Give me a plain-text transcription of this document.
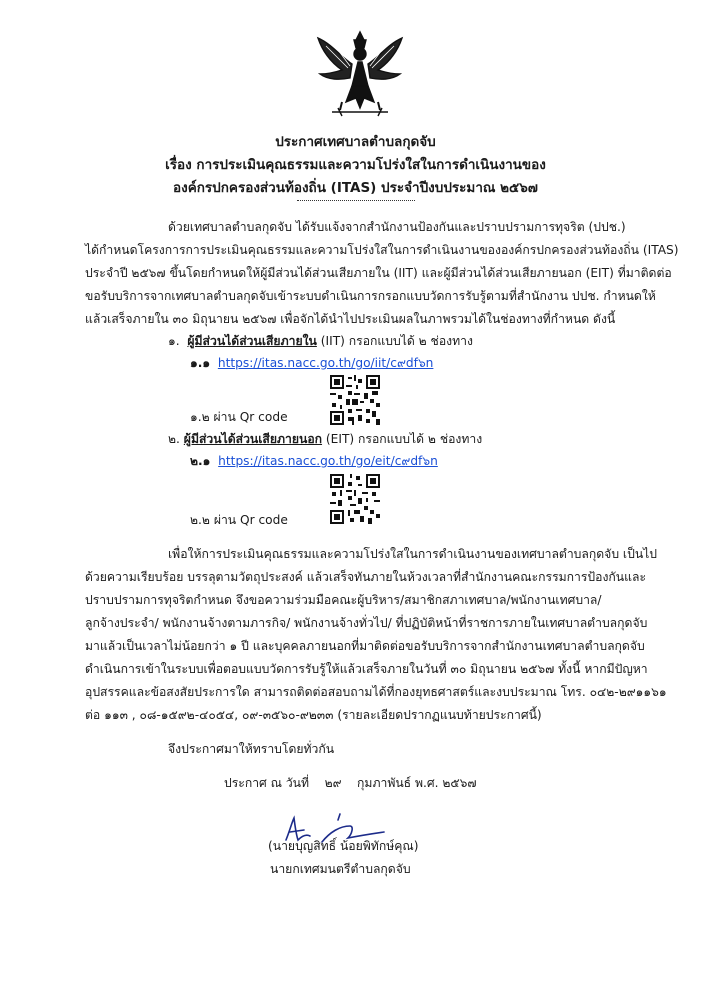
ประกาศเทศบาลตำบลกุดจับ
เรื่อง การประเมินคุณธรรมและความโปร่งใสในการดำเนินงานของ
องค์กรปกครองส่วนท้องถิ่น (ITAS) ประจำปีงบประมาณ ๒๕๖๗
ด้วยเทศบาลตำบลกุดจับ ได้รับแจ้งจากสำนักงานป้องกันและปราบปรามการทุจริต (ปปช.)
ได้กำหนดโครงการการประเมินคุณธรรมและความโปร่งใสในการดำเนินงานขององค์กรปกครองส่วนท้องถิ่น (ITAS)
ประจำปี ๒๕๖๗ ขึ้นโดยกำหนดให้ผู้มีส่วนได้ส่วนเสียภายใน (IIT) และผู้มีส่วนได้ส่วนเสียภายนอก (EIT) ที่มาติดต่อ
ขอรับบริการจากเทศบาลตำบลกุดจับเข้าระบบดำเนินการกรอกแบบวัดการรับรู้ตามที่สำนักงาน ปปช. กำหนดให้
แล้วเสร็จภายใน ๓๐ มิถุนายน ๒๕๖๗ เพื่อจักได้นำไปประเมินผลในภาพรวมได้ในช่องทางที่กำหนด ดังนี้
๑. ผู้มีส่วนได้ส่วนเสียภายใน (IIT) กรอกแบบได้ ๒ ช่องทาง
๑.๑ https://itas.nacc.go.th/go/iit/c๙df๖n
๑.๒ ผ่าน Qr code
๒. ผู้มีส่วนได้ส่วนเสียภายนอก (EIT) กรอกแบบได้ ๒ ช่องทาง
๒.๑ https://itas.nacc.go.th/go/eit/c๙df๖n
๒.๒ ผ่าน Qr code
เพื่อให้การประเมินคุณธรรมและความโปร่งใสในการดำเนินงานของเทศบาลตำบลกุดจับ เป็นไป
ด้วยความเรียบร้อย บรรลุตามวัตถุประสงค์ แล้วเสร็จทันภายในห้วงเวลาที่สำนักงานคณะกรรมการป้องกันและ
ปราบปรามการทุจริตกำหนด จึงขอความร่วมมือคณะผู้บริหาร/สมาชิกสภาเทศบาล/พนักงานเทศบาล/
ลูกจ้างประจำ/ พนักงานจ้างตามภารกิจ/ พนักงานจ้างทั่วไป/ ที่ปฏิบัติหน้าที่ราชการภายในเทศบาลตำบลกุดจับ
มาแล้วเป็นเวลาไม่น้อยกว่า ๑ ปี และบุคคลภายนอกที่มาติดต่อขอรับบริการจากสำนักงานเทศบาลตำบลกุดจับ
ดำเนินการเข้าในระบบเพื่อตอบแบบวัดการรับรู้ให้แล้วเสร็จภายในวันที่ ๓๐ มิถุนายน ๒๕๖๗ ทั้งนี้ หากมีปัญหา
อุปสรรคและข้อสงสัยประการใด สามารถติดต่อสอบถามได้ที่กองยุทธศาสตร์และงบประมาณ โทร. ๐๔๒-๒๙๑๑๖๑
ต่อ ๑๑๓ , ๐๘-๑๕๙๒-๔๐๕๔, ๐๙-๓๕๖๐-๙๒๓๓ (รายละเอียดปรากฏแนบท้ายประกาศนี้)
จึงประกาศมาให้ทราบโดยทั่วกัน
ประกาศ ณ วันที่ ๒๙ กุมภาพันธ์ พ.ศ. ๒๕๖๗
(นายบุญสิทธิ์ น้อยพิทักษ์คุณ)
นายกเทศมนตรีตำบลกุดจับ
